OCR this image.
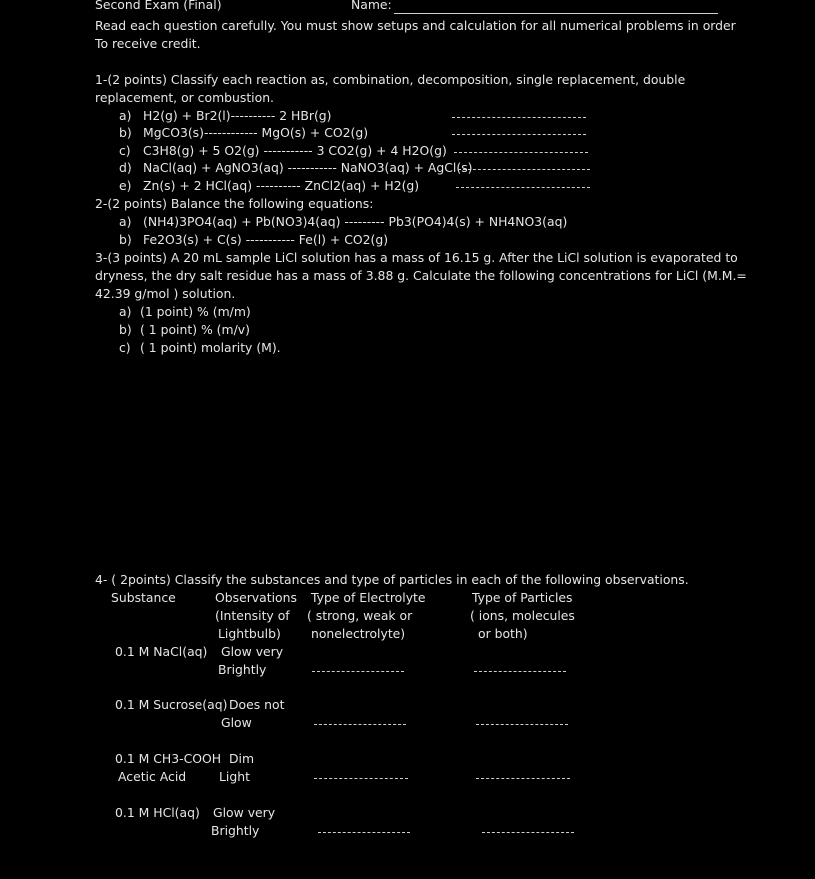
Second Exam (Final)	Name:
Read each question carefully. You must show setups and calculation for all numerical problems in order
To receive credit.
1-(2 points) Classify each reaction as, combination, decomposition, single replacement, double
replacement, or combustion.
a) H2(g) + Br2(l)---------- 2 HBr(g)
b) MgCO3(s)------------ MgO(s) + CO2(g)
c) C3H8(g) + 5 O2(g) ----------- 3 CO2(g) + 4 H2O(g)
d) NaCl(aq) + AgNO3(aq) ----------- NaNO3(aq) + AgCl(s)
e) Zn(s) + 2 HCl(aq) ---------- ZnCl2(aq) + H2(g)
2-(2 points) Balance the following equations:
a) (NH4)3PO4(aq) + Pb(NO3)4(aq) --------- Pb3(PO4)4(s) + NH4NO3(aq)
b) Fe2O3(s) + C(s) ----------- Fe(l) + CO2(g)
3-(3 points) A 20 mL sample LiCl solution has a mass of 16.15 g. After the LiCl solution is evaporated to
dryness, the dry salt residue has a mass of 3.88 g. Calculate the following concentrations for LiCl (M.M.=
42.39 g/mol ) solution.
a) (1 point) % (m/m)
b) ( 1 point) % (m/v)
c) ( 1 point) molarity (M).
4- ( 2points) Classify the substances and type of particles in each of the following observations.
Substance	Observations
(Intensity of
Lightbulb)
Type of Electrolyte
( strong, weak or
nonelectrolyte)
Type of Particles
( ions, molecules
or both)
0.1 M NaCl(aq) Glow very
Brightly
0.1 M Sucrose(aq) Does not
Glow
0.1 M CH3-COOH
Acetic Acid
Dim
Light
0.1 M HCl(aq) Glow very
Brightly
